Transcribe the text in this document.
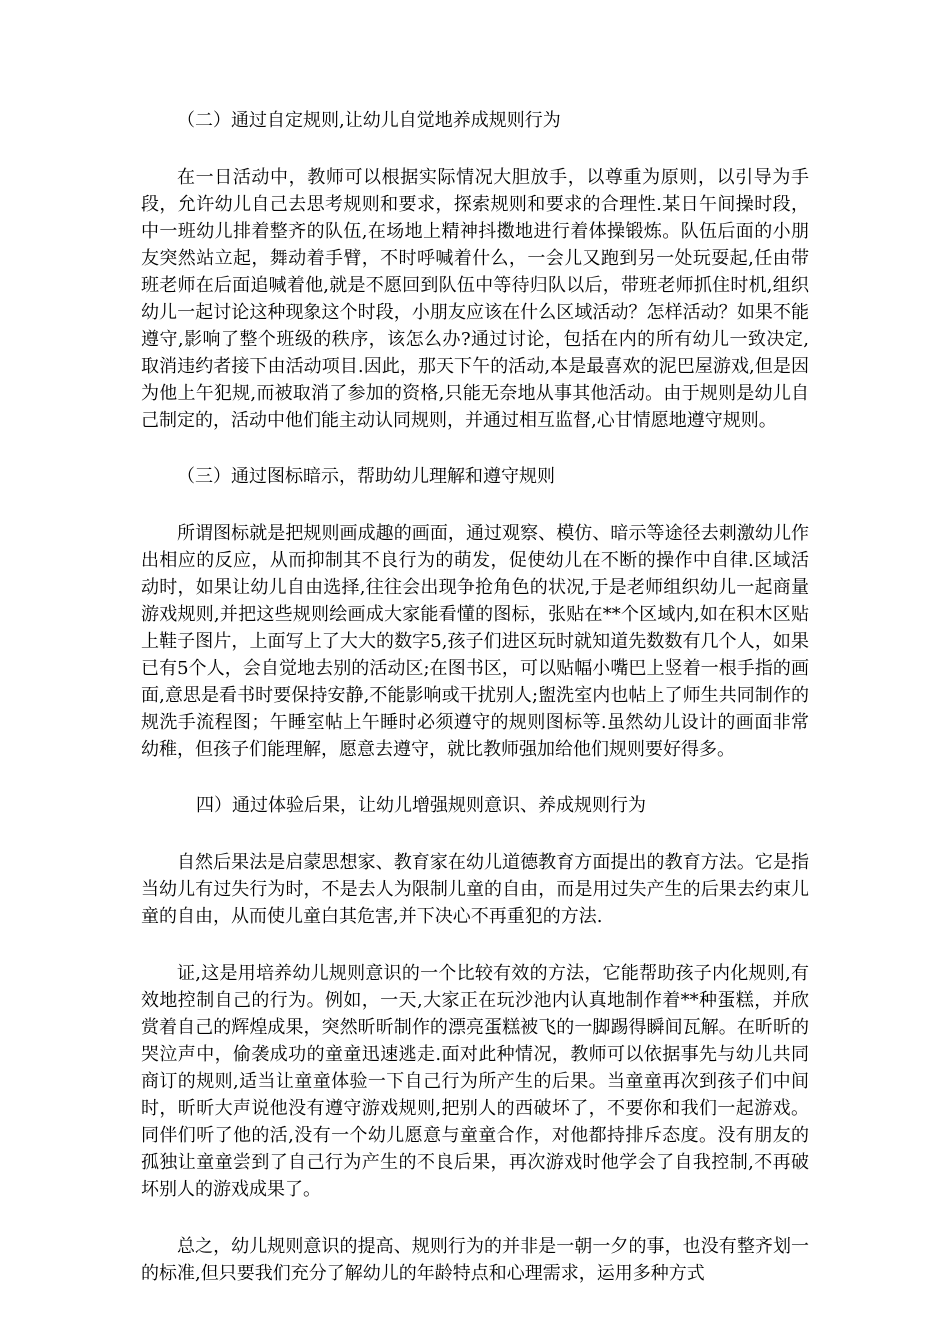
（二）通过自定规则,让幼儿自觉地养成规则行为

在一日活动中，教师可以根据实际情况大胆放手，以尊重为原则，以引导为手段，允许幼儿自己去思考规则和要求，探索规则和要求的合理性.某日午间操时段，中一班幼儿排着整齐的队伍,在场地上精神抖擞地进行着体操锻炼。队伍后面的小朋友突然站立起，舞动着手臂，不时呼喊着什么，一会儿又跑到另一处玩耍起,任由带班老师在后面追喊着他,就是不愿回到队伍中等待归队以后，带班老师抓住时机,组织幼儿一起讨论这种现象这个时段，小朋友应该在什么区域活动？怎样活动？如果不能遵守,影响了整个班级的秩序，该怎么办?通过讨论，包括在内的所有幼儿一致决定,取消违约者接下由活动项目.因此，那天下午的活动,本是最喜欢的泥巴屋游戏,但是因为他上午犯规,而被取消了参加的资格,只能无奈地从事其他活动。由于规则是幼儿自己制定的，活动中他们能主动认同规则，并通过相互监督,心甘情愿地遵守规则。

（三）通过图标暗示，帮助幼儿理解和遵守规则

所谓图标就是把规则画成趣的画面，通过观察、模仿、暗示等途径去刺激幼儿作出相应的反应，从而抑制其不良行为的萌发，促使幼儿在不断的操作中自律.区域活动时，如果让幼儿自由选择,往往会出现争抢角色的状况,于是老师组织幼儿一起商量游戏规则,并把这些规则绘画成大家能看懂的图标，张贴在**个区域内,如在积木区贴上鞋子图片，上面写上了大大的数字5,孩子们进区玩时就知道先数数有几个人，如果已有5个人，会自觉地去别的活动区;在图书区，可以贴幅小嘴巴上竖着一根手指的画面,意思是看书时要保持安静,不能影响或干扰别人;盥洗室内也帖上了师生共同制作的规洗手流程图；午睡室帖上午睡时必须遵守的规则图标等.虽然幼儿设计的画面非常幼稚，但孩子们能理解，愿意去遵守，就比教师强加给他们规则要好得多。

四）通过体验后果，让幼儿增强规则意识、养成规则行为

自然后果法是启蒙思想家、教育家在幼儿道德教育方面提出的教育方法。它是指当幼儿有过失行为时，不是去人为限制儿童的自由，而是用过失产生的后果去约束儿童的自由，从而使儿童白其危害,并下决心不再重犯的方法.

证,这是用培养幼儿规则意识的一个比较有效的方法，它能帮助孩子内化规则,有效地控制自己的行为。例如，一天,大家正在玩沙池内认真地制作着**种蛋糕，并欣赏着自己的辉煌成果，突然昕昕制作的漂亮蛋糕被飞的一脚踢得瞬间瓦解。在昕昕的哭泣声中，偷袭成功的童童迅速逃走.面对此种情况，教师可以依据事先与幼儿共同商订的规则,适当让童童体验一下自己行为所产生的后果。当童童再次到孩子们中间时，昕昕大声说他没有遵守游戏规则,把别人的西破坏了，不要你和我们一起游戏。同伴们听了他的活,没有一个幼儿愿意与童童合作，对他都持排斥态度。没有朋友的孤独让童童尝到了自己行为产生的不良后果，再次游戏时他学会了自我控制,不再破坏别人的游戏成果了。

总之，幼儿规则意识的提高、规则行为的并非是一朝一夕的事，也没有整齐划一的标准,但只要我们充分了解幼儿的年龄特点和心理需求，运用多种方式
